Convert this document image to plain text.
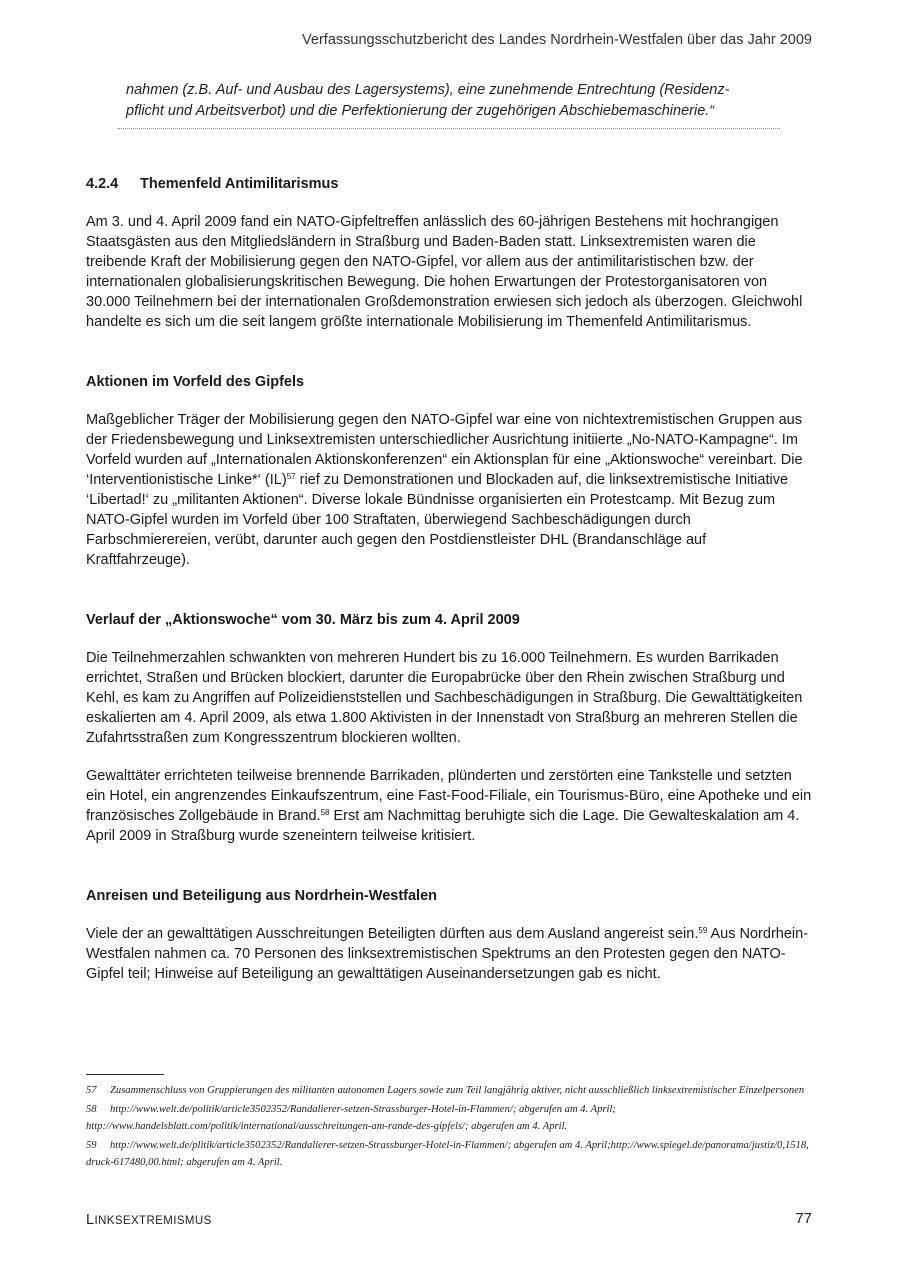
Verfassungsschutzbericht des Landes Nordrhein-Westfalen über das Jahr 2009
nahmen (z.B. Auf- und Ausbau des Lagersystems), eine zunehmende Entrechtung (Residenz-
pflicht und Arbeitsverbot) und die Perfektionierung der zugehörigen Abschiebemaschinerie.“
4.2.4 Themenfeld Antimilitarismus

Am 3. und 4. April 2009 fand ein NATO-Gipfeltreffen anlässlich des 60-jährigen Bestehens mit hochrangigen Staatsgästen aus den Mitgliedsländern in Straßburg und Baden-Baden statt. Linksextremisten waren die treibende Kraft der Mobilisierung gegen den NATO-Gipfel, vor allem aus der antimilitaristischen bzw. der internationalen globalisierungskritischen Bewegung. Die hohen Erwartungen der Protestorganisatoren von 30.000 Teilnehmern bei der internationalen Großdemonstration erwiesen sich jedoch als überzogen. Gleichwohl handelte es sich um die seit langem größte internationale Mobilisierung im Themenfeld Antimilitarismus.

Aktionen im Vorfeld des Gipfels

Maßgeblicher Träger der Mobilisierung gegen den NATO-Gipfel war eine von nichtextremistischen Gruppen aus der Friedensbewegung und Linksextremisten unterschiedlicher Ausrichtung initiierte „No-NATO-Kampagne“. Im Vorfeld wurden auf „Internationalen Aktionskonferenzen“ ein Aktionsplan für eine „Aktionswoche“ vereinbart. Die ‘Interventionistische Linke*‘ (IL)$^{57}$ rief zu Demonstrationen und Blockaden auf, die linksextremistische Initiative ‘Libertad!‘ zu „militanten Aktionen“. Diverse lokale Bündnisse organisierten ein Protestcamp. Mit Bezug zum NATO-Gipfel wurden im Vorfeld über 100 Straftaten, überwiegend Sachbeschädigungen durch Farbschmierereien, verübt, darunter auch gegen den Postdienstleister DHL (Brandanschläge auf Kraftfahrzeuge).

Verlauf der „Aktionswoche“ vom 30. März bis zum 4. April 2009

Die Teilnehmerzahlen schwankten von mehreren Hundert bis zu 16.000 Teilnehmern. Es wurden Barrikaden errichtet, Straßen und Brücken blockiert, darunter die Europabrücke über den Rhein zwischen Straßburg und Kehl, es kam zu Angriffen auf Polizeidienststellen und Sachbeschädigungen in Straßburg. Die Gewalttätigkeiten eskalierten am 4. April 2009, als etwa 1.800 Aktivisten in der Innenstadt von Straßburg an mehreren Stellen die Zufahrtsstraßen zum Kongresszentrum blockieren wollten.

Gewalttäter errichteten teilweise brennende Barrikaden, plünderten und zerstörten eine Tankstelle und setzten ein Hotel, ein angrenzendes Einkaufszentrum, eine Fast-Food-Filiale, ein Tourismus-Büro, eine Apotheke und ein französisches Zollgebäude in Brand.$^{58}$ Erst am Nachmittag beruhigte sich die Lage. Die Gewalteskalation am 4. April 2009 in Straßburg wurde szeneintern teilweise kritisiert.

Anreisen und Beteiligung aus Nordrhein-Westfalen

Viele der an gewalttätigen Ausschreitungen Beteiligten dürften aus dem Ausland angereist sein.$^{59}$ Aus Nordrhein-Westfalen nahmen ca. 70 Personen des linksextremistischen Spektrums an den Protesten gegen den NATO-Gipfel teil; Hinweise auf Beteiligung an gewalttätigen Auseinandersetzungen gab es nicht.

57 Zusammenschluss von Gruppierungen des militanten autonomen Lagers sowie zum Teil langjährig aktiver, nicht ausschließlich linksextremistischer Einzelpersonen

58 http://www.welt.de/politik/article3502352/Randalierer-setzen-Strassburger-Hotel-in-Flammen/; abgerufen am 4. April; http://www.handelsblatt.com/politik/international/ausschreitungen-am-rande-des-gipfels/; abgerufen am 4. April.

59 http://www.welt.de/plitik/article3502352/Randalierer-setzen-Strassburger-Hotel-in-Flammen/; abgerufen am 4. April;http://www.spiegel.de/panorama/justiz/0,1518, druck-617480,00.html; abgerufen am 4. April.

LINKSEXTREMISMUS	77
